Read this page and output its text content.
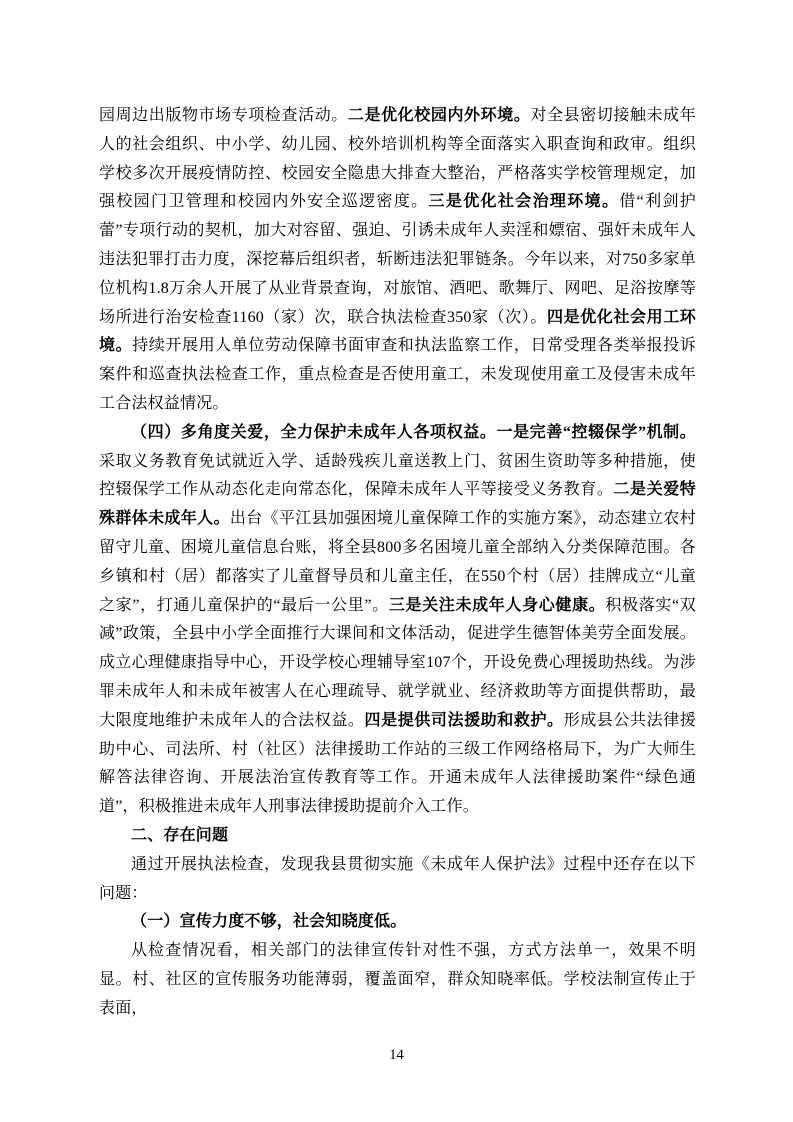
园周边出版物市场专项检查活动。二是优化校园内外环境。对全县密切接触未成年人的社会组织、中小学、幼儿园、校外培训机构等全面落实入职查询和政审。组织学校多次开展疫情防控、校园安全隐患大排查大整治，严格落实学校管理规定，加强校园门卫管理和校园内外安全巡逻密度。三是优化社会治理环境。借“利剑护蕾”专项行动的契机，加大对容留、强迫、引诱未成年人卖淫和嫖宿、强奸未成年人违法犯罪打击力度，深挖幕后组织者，斩断违法犯罪链条。今年以来，对750多家单位机构1.8万余人开展了从业背景查询，对旅馆、酒吧、歌舞厅、网吧、足浴按摩等场所进行治安检查1160（家）次，联合执法检查350家（次）。四是优化社会用工环境。持续开展用人单位劳动保障书面审查和执法监察工作，日常受理各类举报投诉案件和巡查执法检查工作，重点检查是否使用童工，未发现使用童工及侵害未成年工合法权益情况。

（四）多角度关爱，全力保护未成年人各项权益。一是完善“控辍保学”机制。采取义务教育免试就近入学、适龄残疾儿童送教上门、贫困生资助等多种措施，使控辍保学工作从动态化走向常态化，保障未成年人平等接受义务教育。二是关爱特殊群体未成年人。出台《平江县加强困境儿童保障工作的实施方案》，动态建立农村留守儿童、困境儿童信息台账，将全县800多名困境儿童全部纳入分类保障范围。各乡镇和村（居）都落实了儿童督导员和儿童主任，在550个村（居）挂牌成立“儿童之家”，打通儿童保护的“最后一公里”。三是关注未成年人身心健康。积极落实“双减”政策，全县中小学全面推行大课间和文体活动，促进学生德智体美劳全面发展。成立心理健康指导中心，开设学校心理辅导室107个，开设免费心理援助热线。为涉罪未成年人和未成年被害人在心理疏导、就学就业、经济救助等方面提供帮助，最大限度地维护未成年人的合法权益。四是提供司法援助和救护。形成县公共法律援助中心、司法所、村（社区）法律援助工作站的三级工作网络格局下，为广大师生解答法律咨询、开展法治宣传教育等工作。开通未成年人法律援助案件“绿色通道”，积极推进未成年人刑事法律援助提前介入工作。

二、存在问题

通过开展执法检查，发现我县贯彻实施《未成年人保护法》过程中还存在以下问题：

（一）宣传力度不够，社会知晓度低。

从检查情况看，相关部门的法律宣传针对性不强，方式方法单一，效果不明显。村、社区的宣传服务功能薄弱，覆盖面窄，群众知晓率低。学校法制宣传止于表面，

14
